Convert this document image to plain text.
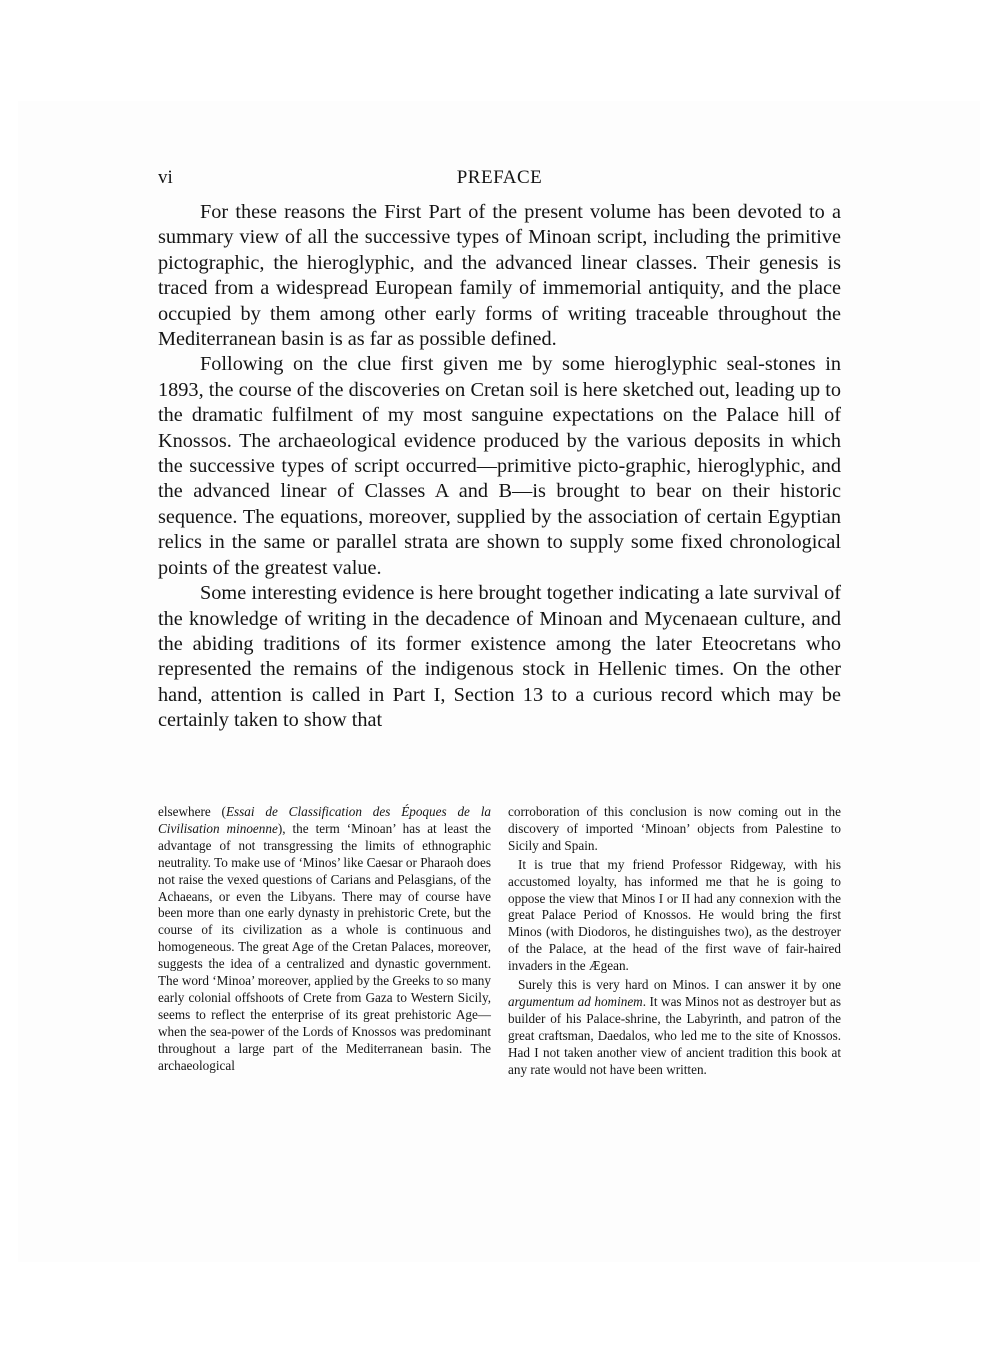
vi	PREFACE

For these reasons the First Part of the present volume has been devoted to a summary view of all the successive types of Minoan script, including the primitive pictographic, the hieroglyphic, and the advanced linear classes. Their genesis is traced from a widespread European family of immemorial antiquity, and the place occupied by them among other early forms of writing traceable throughout the Mediterranean basin is as far as possible defined.

Following on the clue first given me by some hieroglyphic seal-stones in 1893, the course of the discoveries on Cretan soil is here sketched out, leading up to the dramatic fulfilment of my most sanguine expectations on the Palace hill of Knossos. The archaeological evidence produced by the various deposits in which the successive types of script occurred—primitive picto-graphic, hieroglyphic, and the advanced linear of Classes A and B—is brought to bear on their historic sequence. The equations, moreover, supplied by the association of certain Egyptian relics in the same or parallel strata are shown to supply some fixed chronological points of the greatest value.

Some interesting evidence is here brought together indicating a late survival of the knowledge of writing in the decadence of Minoan and Mycenaean culture, and the abiding traditions of its former existence among the later Eteocretans who represented the remains of the indigenous stock in Hellenic times. On the other hand, attention is called in Part I, Section 13 to a curious record which may be certainly taken to show that

elsewhere (Essai de Classification des Époques de la Civilisation minoenne), the term ‘Minoan’ has at least the advantage of not transgressing the limits of ethnographic neutrality. To make use of ‘Minos’ like Caesar or Pharaoh does not raise the vexed questions of Carians and Pelasgians, of the Achaeans, or even the Libyans. There may of course have been more than one early dynasty in prehistoric Crete, but the course of its civilization as a whole is continuous and homogeneous. The great Age of the Cretan Palaces, moreover, suggests the idea of a centralized and dynastic government. The word ‘Minoa’ moreover, applied by the Greeks to so many early colonial offshoots of Crete from Gaza to Western Sicily, seems to reflect the enterprise of its great prehistoric Age—when the sea-power of the Lords of Knossos was predominant throughout a large part of the Mediterranean basin. The archaeological

corroboration of this conclusion is now coming out in the discovery of imported ‘Minoan’ objects from Palestine to Sicily and Spain.

It is true that my friend Professor Ridgeway, with his accustomed loyalty, has informed me that he is going to oppose the view that Minos I or II had any connexion with the great Palace Period of Knossos. He would bring the first Minos (with Diodoros, he distinguishes two), as the destroyer of the Palace, at the head of the first wave of fair-haired invaders in the Ægean.

Surely this is very hard on Minos. I can answer it by one argumentum ad hominem. It was Minos not as destroyer but as builder of his Palace-shrine, the Labyrinth, and patron of the great craftsman, Daedalos, who led me to the site of Knossos. Had I not taken another view of ancient tradition this book at any rate would not have been written.
